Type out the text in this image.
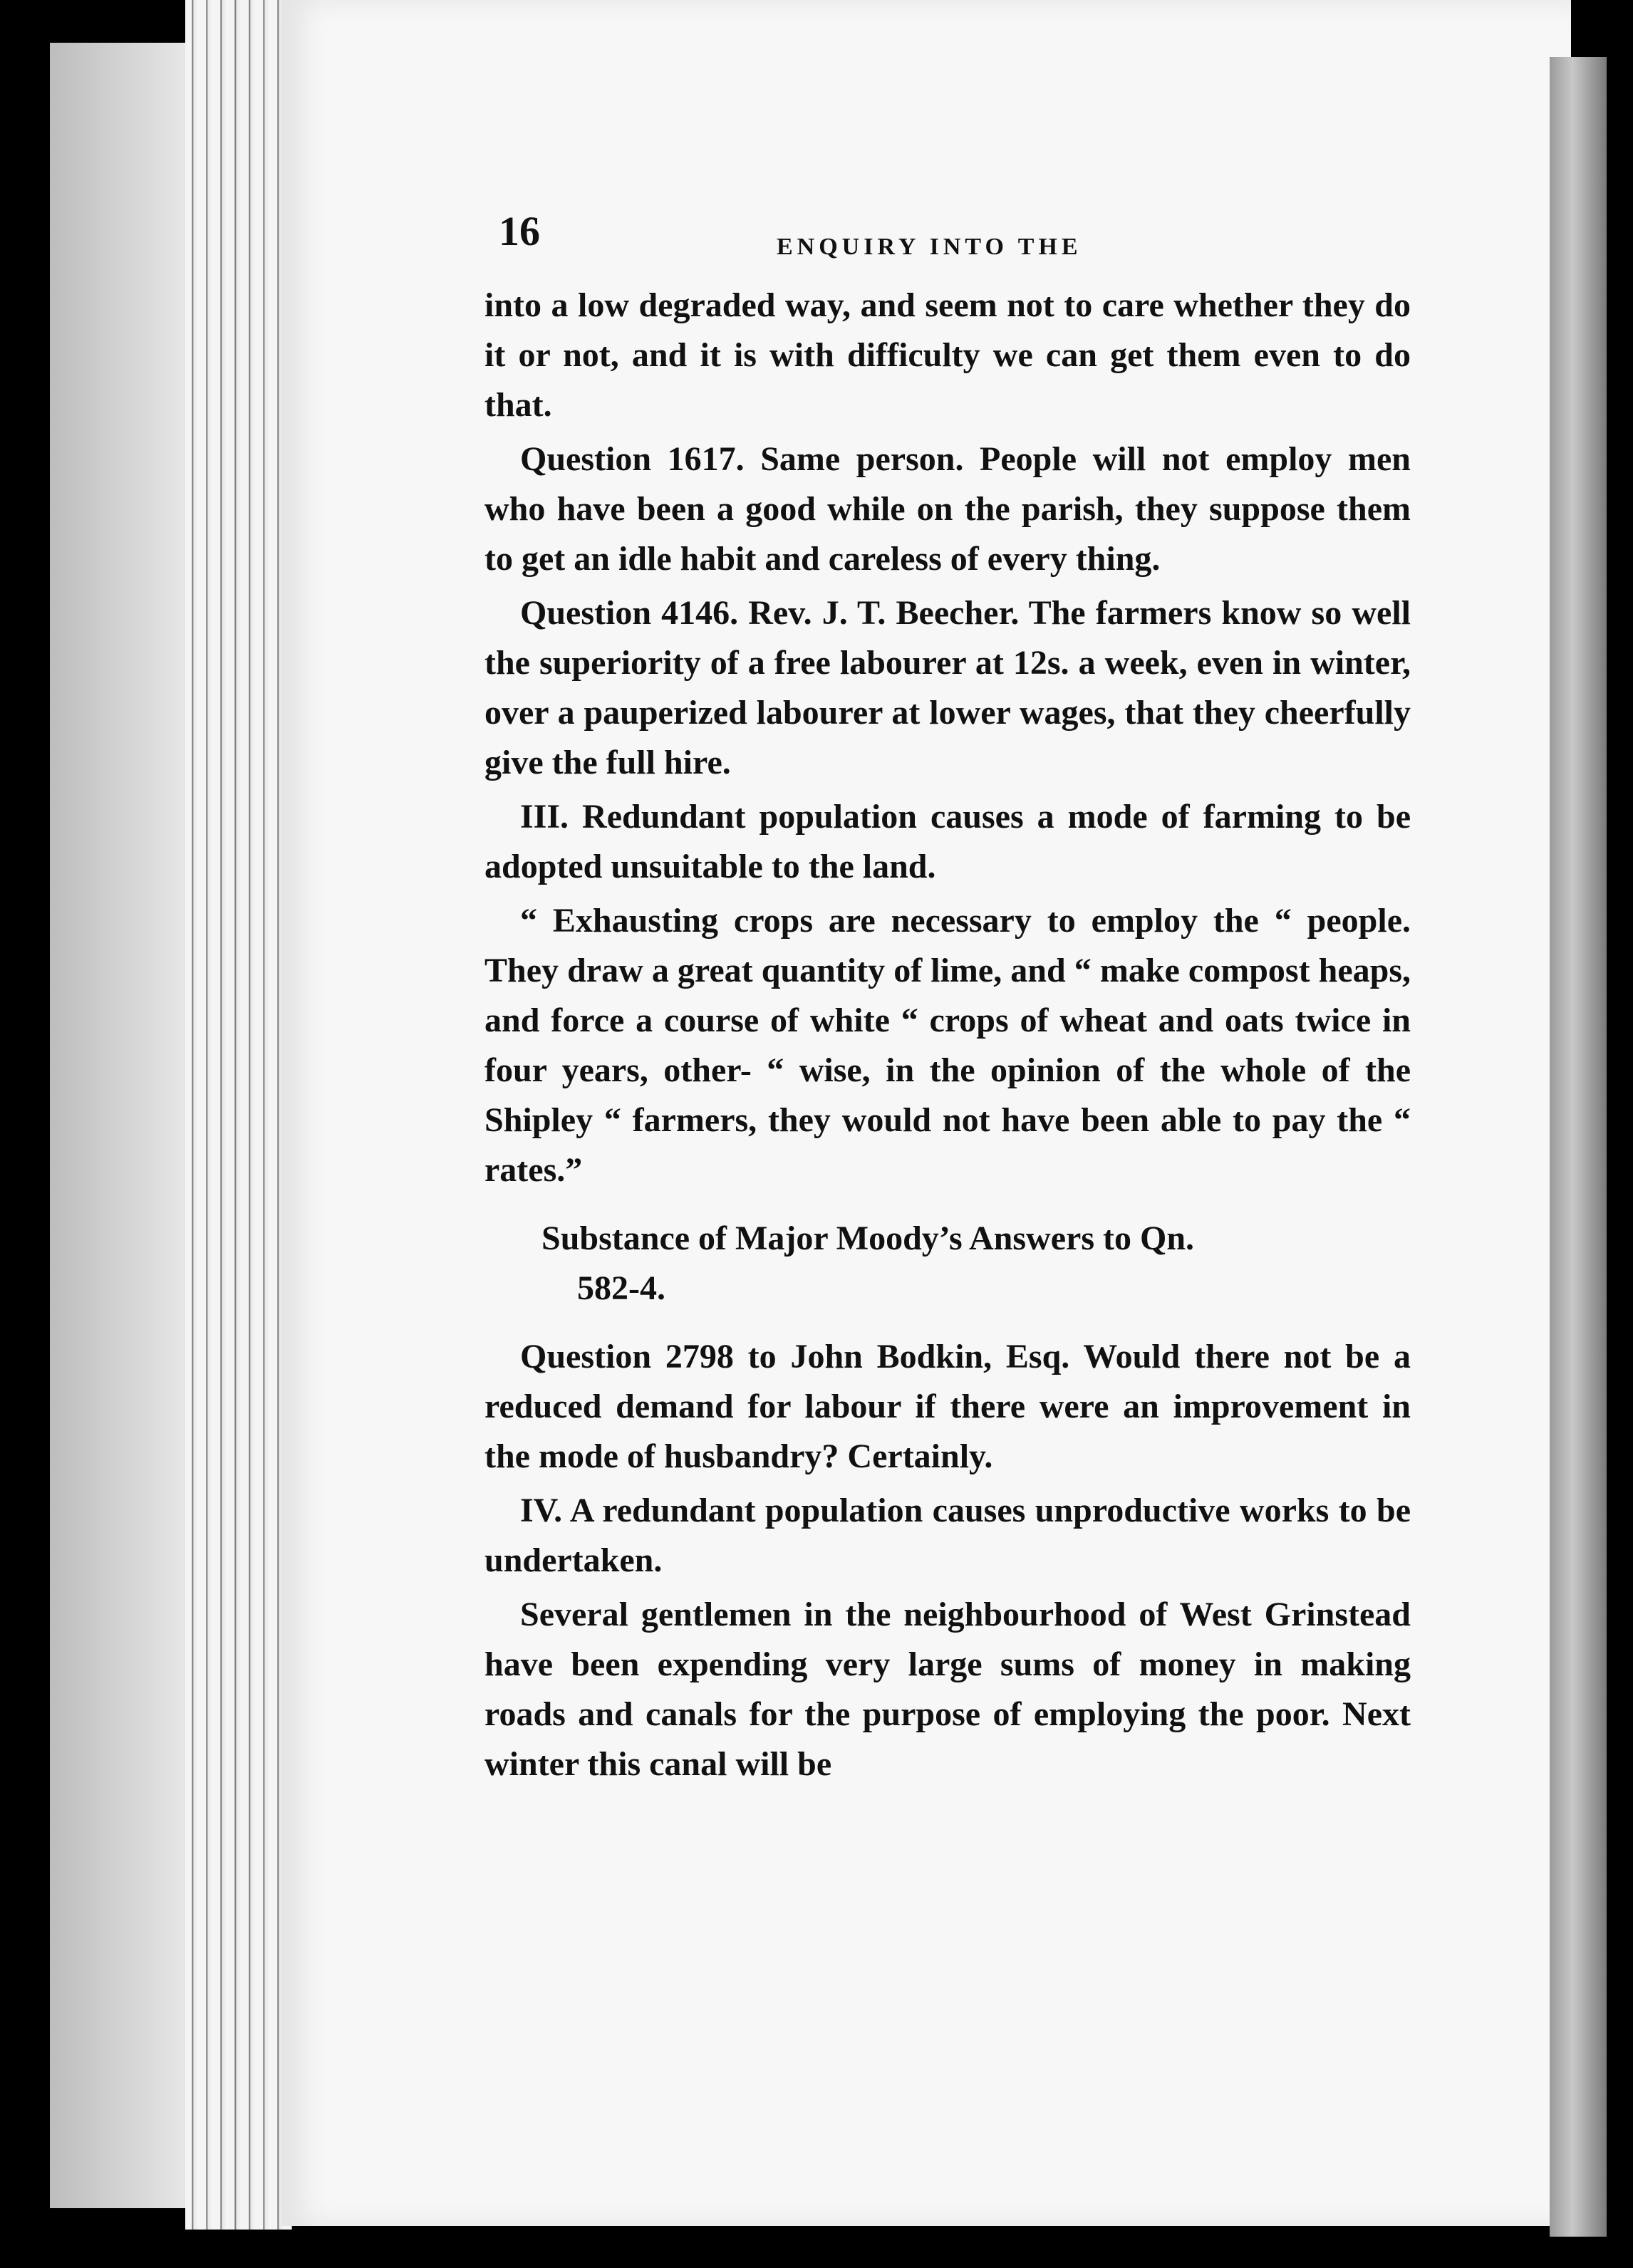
16	ENQUIRY INTO THE

into a low degraded way, and seem not to care whether they do it or not, and it is with difficulty we can get them even to do that.

Question 1617. Same person. People will not employ men who have been a good while on the parish, they suppose them to get an idle habit and careless of every thing.

Question 4146. Rev. J. T. Beecher. The farmers know so well the superiority of a free labourer at 12s. a week, even in winter, over a pauperized labourer at lower wages, that they cheerfully give the full hire.

III. Redundant population causes a mode of farming to be adopted unsuitable to the land.

“ Exhausting crops are necessary to employ the “ people. They draw a great quantity of lime, and “ make compost heaps, and force a course of white “ crops of wheat and oats twice in four years, other- “ wise, in the opinion of the whole of the Shipley “ farmers, they would not have been able to pay the “ rates.”

Substance of Major Moody’s Answers to Qn.
582-4.

Question 2798 to John Bodkin, Esq. Would there not be a reduced demand for labour if there were an improvement in the mode of husbandry? Certainly.

IV. A redundant population causes unproductive works to be undertaken.

Several gentlemen in the neighbourhood of West Grinstead have been expending very large sums of money in making roads and canals for the purpose of employing the poor. Next winter this canal will be
